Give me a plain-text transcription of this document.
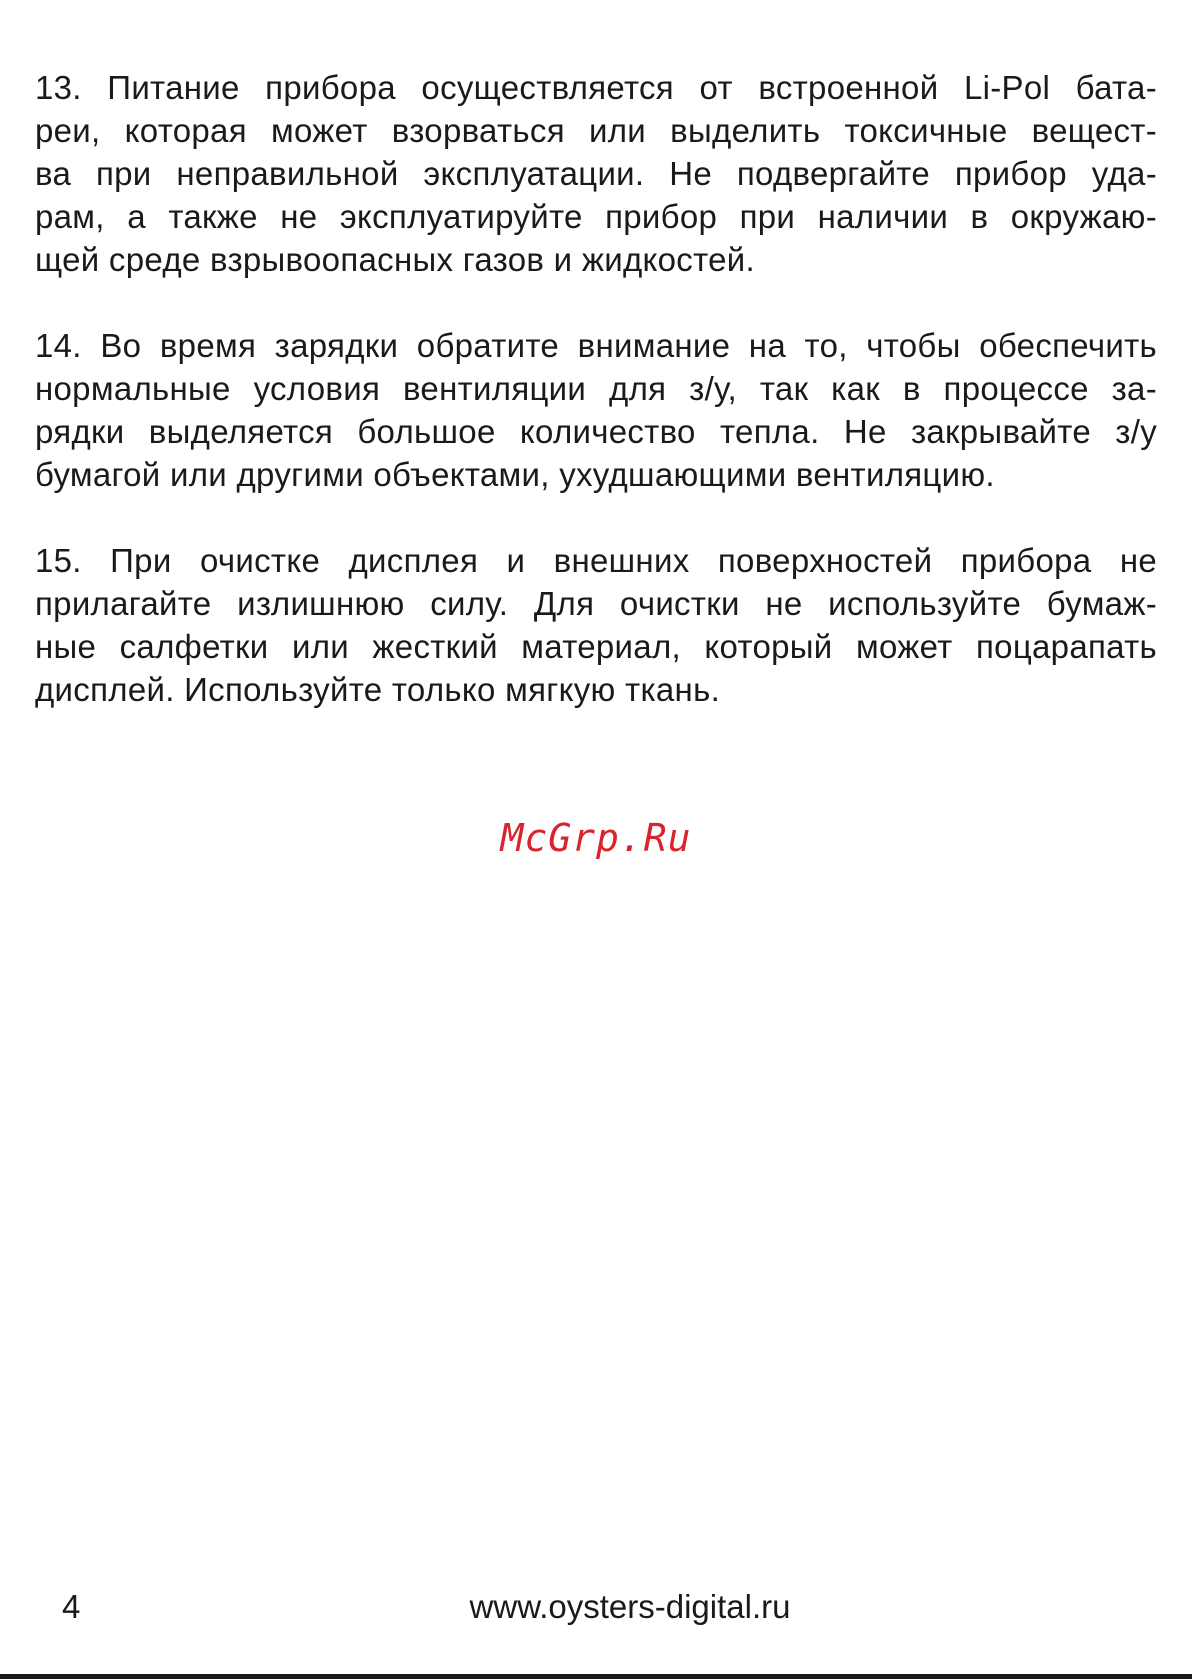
13. Питание прибора осуществляется от встроенной Li-Pol бата-
реи, которая может взорваться или выделить токсичные вещест-
ва при неправильной эксплуатации. Не подвергайте прибор уда-
рам, а также не эксплуатируйте прибор при наличии в окружаю-
щей среде взрывоопасных газов и жидкостей.

14. Во время зарядки обратите внимание на то, чтобы обеспечить
нормальные условия вентиляции для з/у, так как в процессе за-
рядки выделяется большое количество тепла. Не закрывайте з/у
бумагой или другими объектами, ухудшающими вентиляцию.

15. При очистке дисплея и внешних поверхностей прибора не
прилагайте излишнюю силу. Для очистки не используйте бумаж-
ные салфетки или жесткий материал, который может поцарапать
дисплей. Используйте только мягкую ткань.

McGrp.Ru
4	www.oysters-digital.ru
